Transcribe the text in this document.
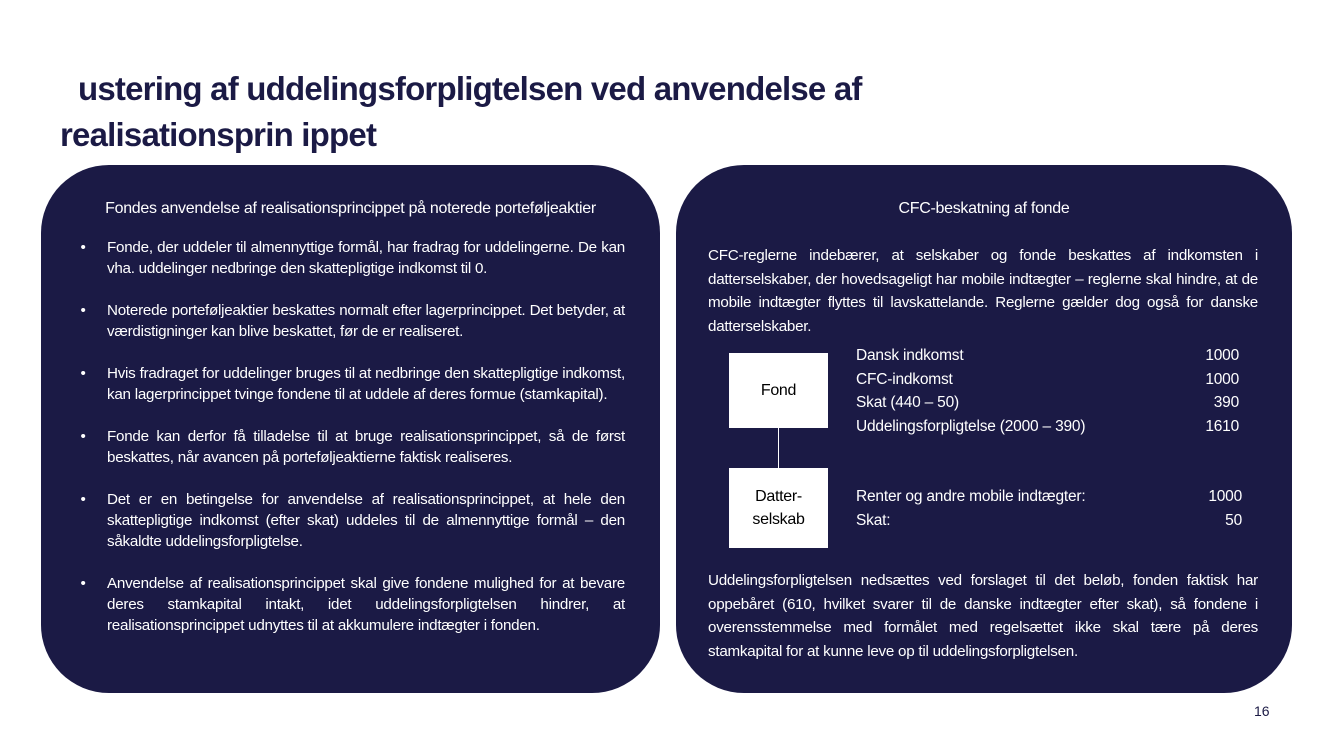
ustering af uddelingsforpligtelsen ved anvendelse af
realisationsprin ippet
Fondes anvendelse af realisationsprincippet på noterede porteføljeaktier
• Fonde, der uddeler til almennyttige formål, har fradrag for uddelingerne. De kan vha. uddelinger nedbringe den skattepligtige indkomst til 0.
• Noterede porteføljeaktier beskattes normalt efter lagerprincippet. Det betyder, at værdistigninger kan blive beskattet, før de er realiseret.
• Hvis fradraget for uddelinger bruges til at nedbringe den skattepligtige indkomst, kan lagerprincippet tvinge fondene til at uddele af deres formue (stamkapital).
• Fonde kan derfor få tilladelse til at bruge realisationsprincippet, så de først beskattes, når avancen på porteføljeaktierne faktisk realiseres.
• Det er en betingelse for anvendelse af realisationsprincippet, at hele den skattepligtige indkomst (efter skat) uddeles til de almennyttige formål – den såkaldte uddelingsforpligtelse.
• Anvendelse af realisationsprincippet skal give fondene mulighed for at bevare deres stamkapital intakt, idet uddelingsforpligtelsen hindrer, at realisationsprincippet udnyttes til at akkumulere indtægter i fonden.
CFC-beskatning af fonde

CFC-reglerne indebærer, at selskaber og fonde beskattes af indkomsten i datterselskaber, der hovedsageligt har mobile indtægter – reglerne skal hindre, at de mobile indtægter flyttes til lavskattelande. Reglerne gælder dog også for danske datterselskaber.

Fond
Datter-
selskab
Dansk indkomst	1000
CFC-indkomst	1000
Skat (440 – 50)	390
Uddelingsforpligtelse (2000 – 390)	1610
Renter og andre mobile indtægter:	1000
Skat:	50

Uddelingsforpligtelsen nedsættes ved forslaget til det beløb, fonden faktisk har oppebåret (610, hvilket svarer til de danske indtægter efter skat), så fondene i overensstemmelse med formålet med regelsættet ikke skal tære på deres stamkapital for at kunne leve op til uddelingsforpligtelsen.

16
